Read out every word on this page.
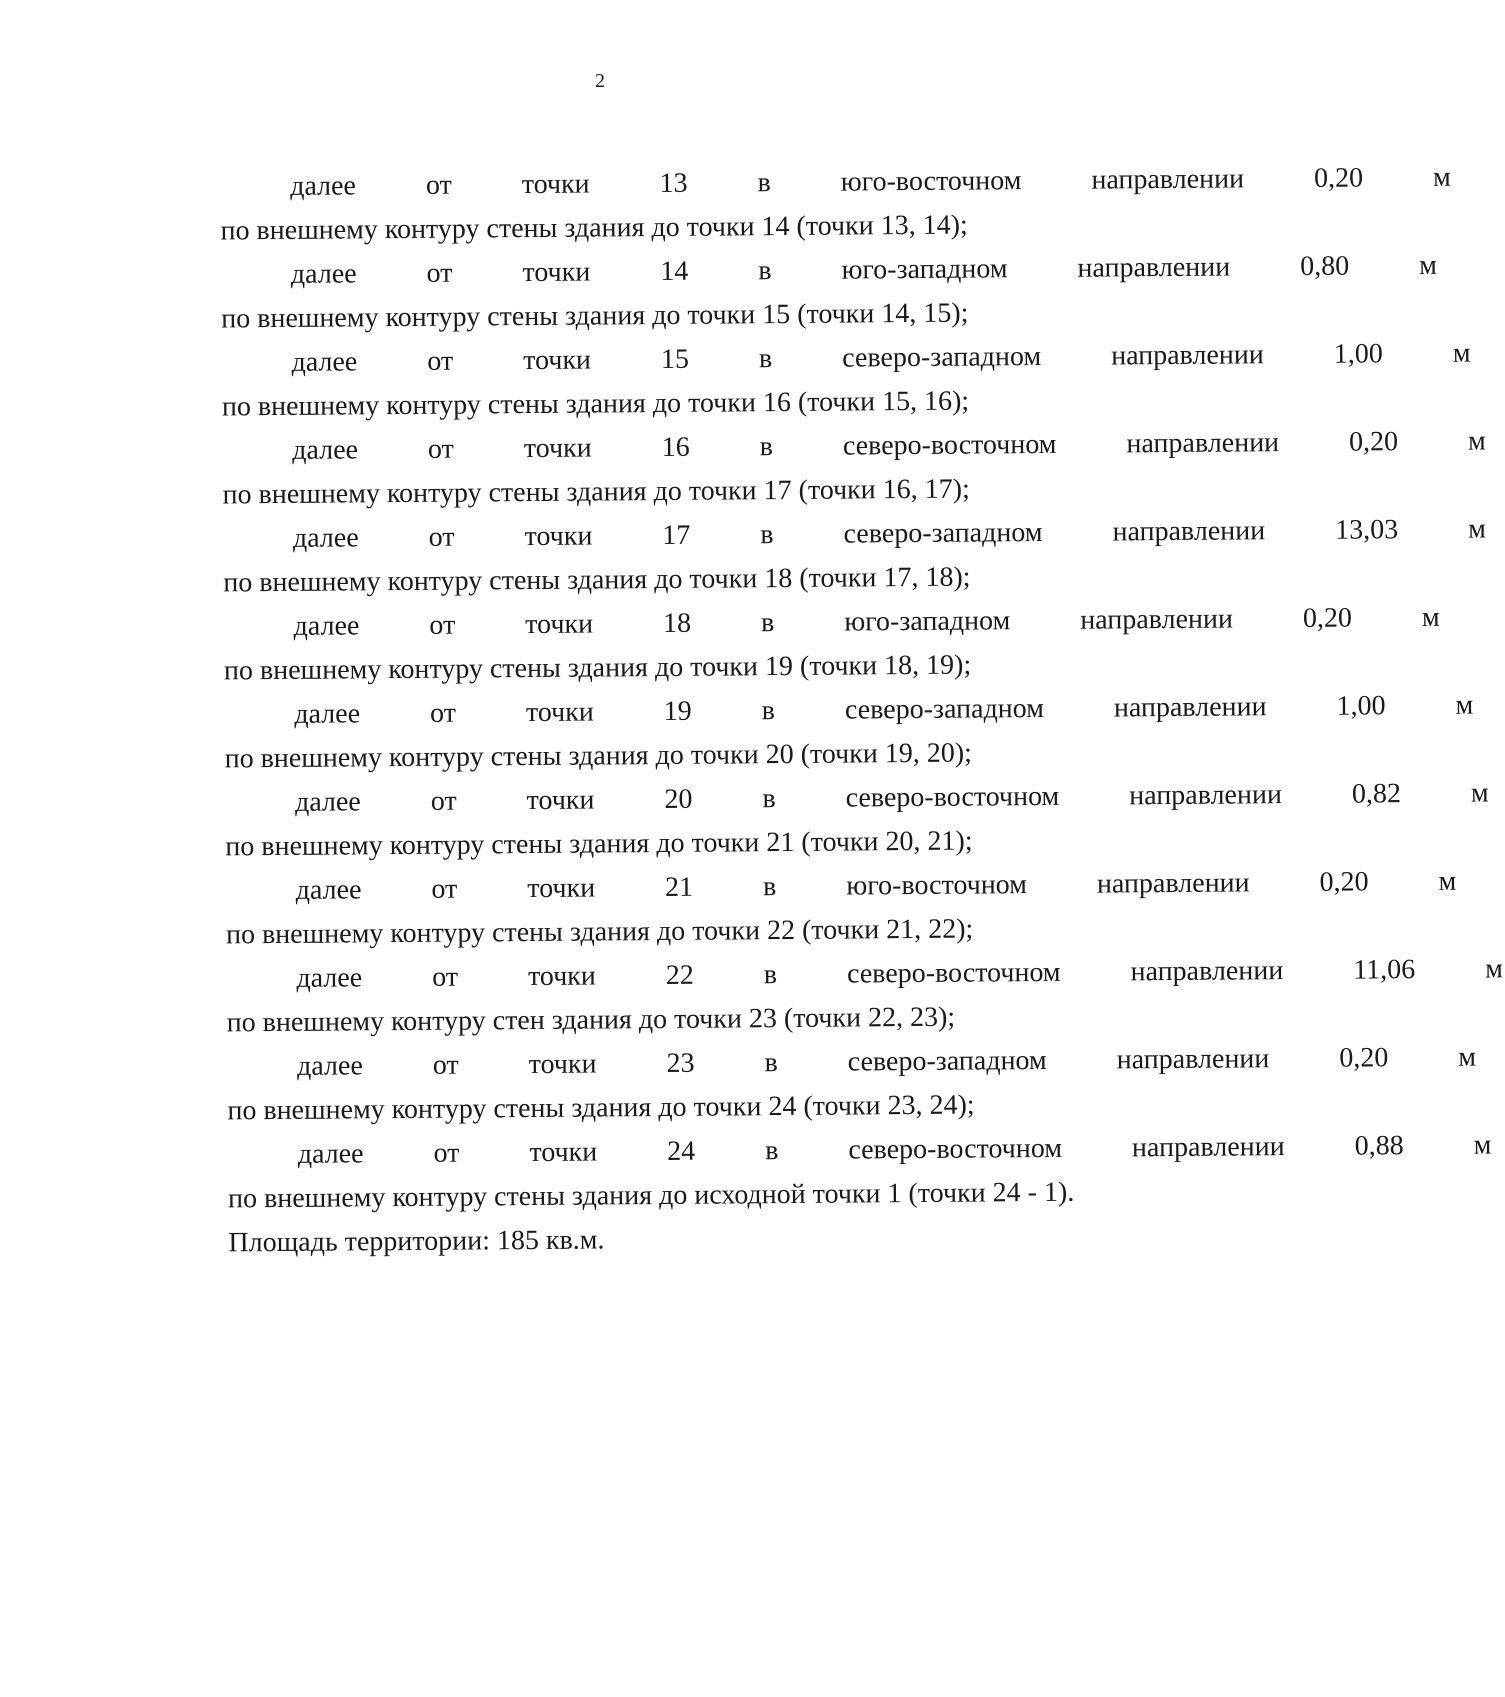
2
далее	от	точки	13	в	юго-восточном	направлении	0,20	м
по внешнему контуру стены здания до точки 14 (точки 13, 14);
далее	от	точки	14	в	юго-западном	направлении	0,80	м
по внешнему контуру стены здания до точки 15 (точки 14, 15);
далее	от	точки	15	в	северо-западном	направлении	1,00	м
по внешнему контуру стены здания до точки 16 (точки 15, 16);
далее	от	точки	16	в	северо-восточном	направлении	0,20	м
по внешнему контуру стены здания до точки 17 (точки 16, 17);
далее	от	точки	17	в	северо-западном	направлении	13,03	м
по внешнему контуру стены здания до точки 18 (точки 17, 18);
далее	от	точки	18	в	юго-западном	направлении	0,20	м
по внешнему контуру стены здания до точки 19 (точки 18, 19);
далее	от	точки	19	в	северо-западном	направлении	1,00	м
по внешнему контуру стены здания до точки 20 (точки 19, 20);
далее	от	точки	20	в	северо-восточном	направлении	0,82	м
по внешнему контуру стены здания до точки 21 (точки 20, 21);
далее	от	точки	21	в	юго-восточном	направлении	0,20	м
по внешнему контуру стены здания до точки 22 (точки 21, 22);
далее	от	точки	22	в	северо-восточном	направлении	11,06	м
по внешнему контуру стен здания до точки 23 (точки 22, 23);
далее	от	точки	23	в	северо-западном	направлении	0,20	м
по внешнему контуру стены здания до точки 24 (точки 23, 24);
далее	от	точки	24	в	северо-восточном	направлении	0,88	м
по внешнему контуру стены здания до исходной точки 1 (точки 24 - 1).

Площадь территории: 185 кв.м.
